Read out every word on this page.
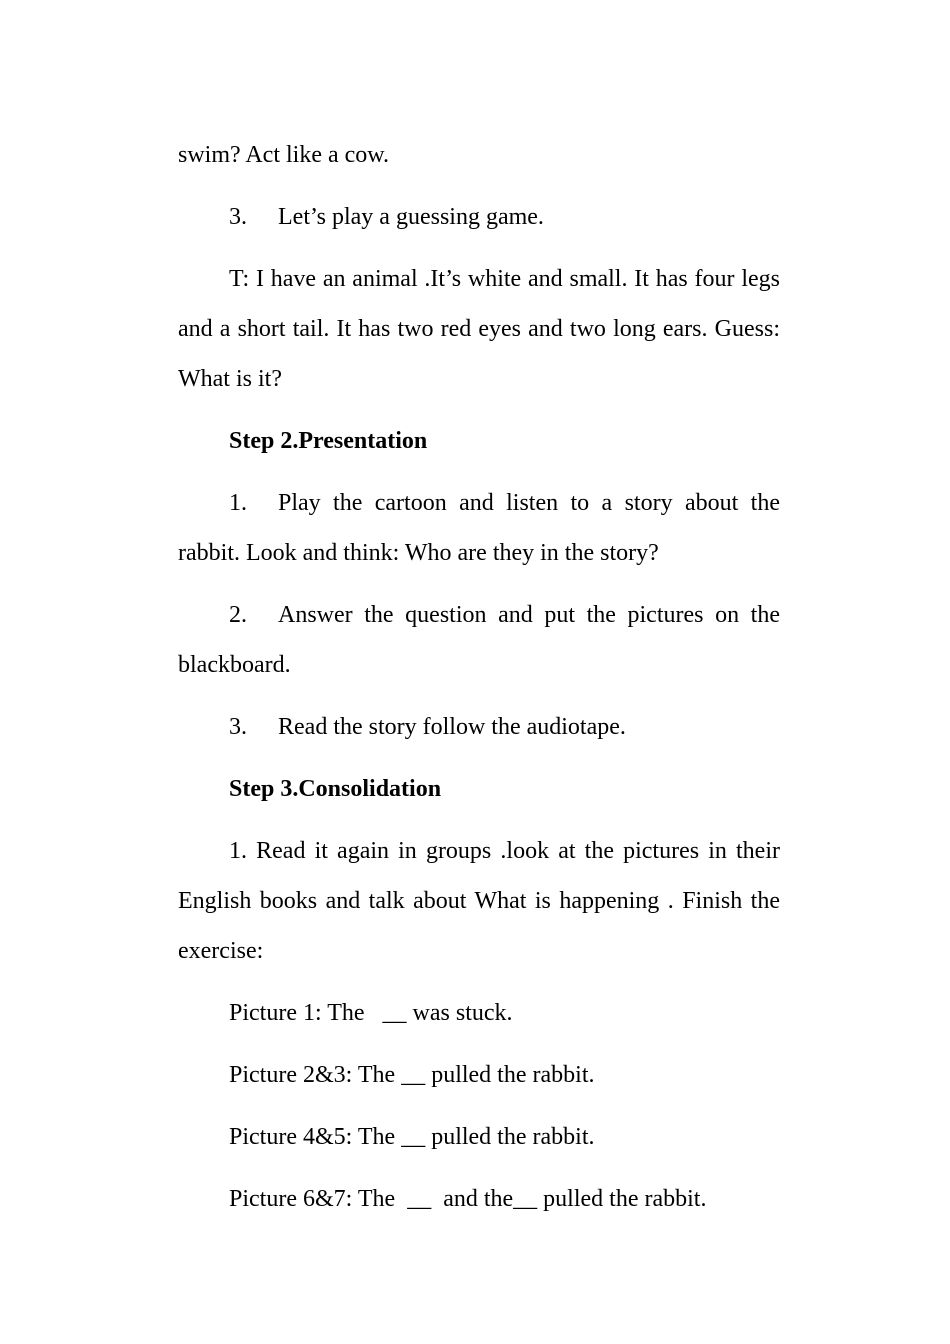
swim? Act like a cow.

3. Let’s play a guessing game.

T: I have an animal .It’s white and small. It has four legs and a short tail. It has two red eyes and two long ears. Guess: What is it?

Step 2.Presentation

1. Play the cartoon and listen to a story about the rabbit. Look and think: Who are they in the story?

2. Answer the question and put the pictures on the blackboard.

3. Read the story follow the audiotape.

Step 3.Consolidation

1. Read it again in groups .look at the pictures in their English books and talk about What is happening . Finish the exercise:

Picture 1: The   __ was stuck.

Picture 2&3: The __ pulled the rabbit.

Picture 4&5: The __ pulled the rabbit.

Picture 6&7: The  __  and the__ pulled the rabbit.
